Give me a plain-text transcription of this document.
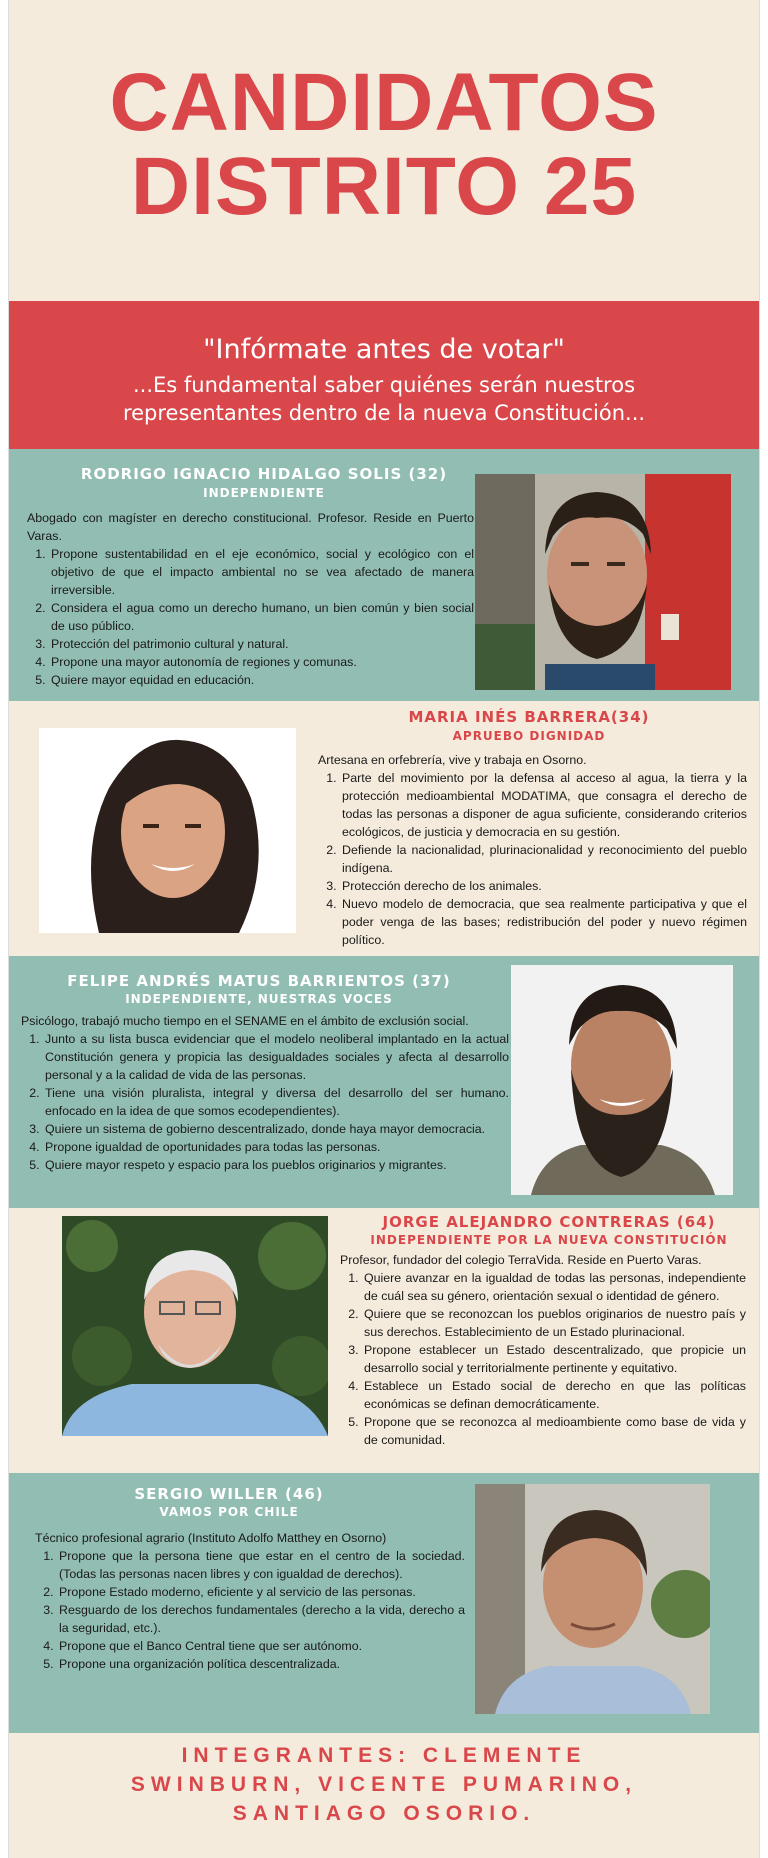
CANDIDATOS
DISTRITO 25
"Infórmate antes de votar"
...Es fundamental saber quiénes serán nuestros
representantes dentro de la nueva Constitución...
RODRIGO IGNACIO HIDALGO SOLIS (32)
INDEPENDIENTE

Abogado con magíster en derecho constitucional. Profesor. Reside en Puerto Varas.

1. Propone sustentabilidad en el eje económico, social y ecológico con el objetivo de que el impacto ambiental no se vea afectado de manera irreversible.
2. Considera el agua como un derecho humano, un bien común y bien social de uso público.
3. Protección del patrimonio cultural y natural.
4. Propone una mayor autonomía de regiones y comunas.
5. Quiere mayor equidad en educación.
MARIA INÉS BARRERA(34)
APRUEBO DIGNIDAD

Artesana en orfebrería, vive y trabaja en Osorno.

1. Parte del movimiento por la defensa al acceso al agua, la tierra y la protección medioambiental MODATIMA, que consagra el derecho de todas las personas a disponer de agua suficiente, considerando criterios ecológicos, de justicia y democracia en su gestión.
2. Defiende la nacionalidad, plurinacionalidad y reconocimiento del pueblo indígena.
3. Protección derecho de los animales.
4. Nuevo modelo de democracia, que sea realmente participativa y que el poder venga de las bases; redistribución del poder y nuevo régimen político.
FELIPE ANDRÉS MATUS BARRIENTOS (37)
INDEPENDIENTE, NUESTRAS VOCES

Psicólogo, trabajó mucho tiempo en el SENAME en el ámbito de exclusión social.

1. Junto a su lista busca evidenciar que el modelo neoliberal implantado en la actual Constitución genera y propicia las desigualdades sociales y afecta al desarrollo personal y a la calidad de vida de las personas.
2. Tiene una visión pluralista, integral y diversa del desarrollo del ser humano. enfocado en la idea de que somos ecodependientes).
3. Quiere un sistema de gobierno descentralizado, donde haya mayor democracia.
4. Propone igualdad de oportunidades para todas las personas.
5. Quiere mayor respeto y espacio para los pueblos originarios y migrantes.
JORGE ALEJANDRO CONTRERAS (64)
INDEPENDIENTE POR LA NUEVA CONSTITUCIÓN

Profesor, fundador del colegio TerraVida. Reside en Puerto Varas.

1. Quiere avanzar en la igualdad de todas las personas, independiente de cuál sea su género, orientación sexual o identidad de género.
2. Quiere que se reconozcan los pueblos originarios de nuestro país y sus derechos. Establecimiento de un Estado plurinacional.
3. Propone establecer un Estado descentralizado, que propicie un desarrollo social y territorialmente pertinente y equitativo.
4. Establece un Estado social de derecho en que las políticas económicas se definan democráticamente.
5. Propone que se reconozca al medioambiente como base de vida y de comunidad.
SERGIO WILLER (46)
VAMOS POR CHILE

Técnico profesional agrario (Instituto Adolfo Matthey en Osorno)

1. Propone que la persona tiene que estar en el centro de la sociedad. (Todas las personas nacen libres y con igualdad de derechos).
2. Propone Estado moderno, eficiente y al servicio de las personas.
3. Resguardo de los derechos fundamentales (derecho a la vida, derecho a la seguridad, etc.).
4. Propone que el Banco Central tiene que ser autónomo.
5. Propone una organización política descentralizada.
INTEGRANTES: CLEMENTE
SWINBURN, VICENTE PUMARINO,
SANTIAGO OSORIO.
